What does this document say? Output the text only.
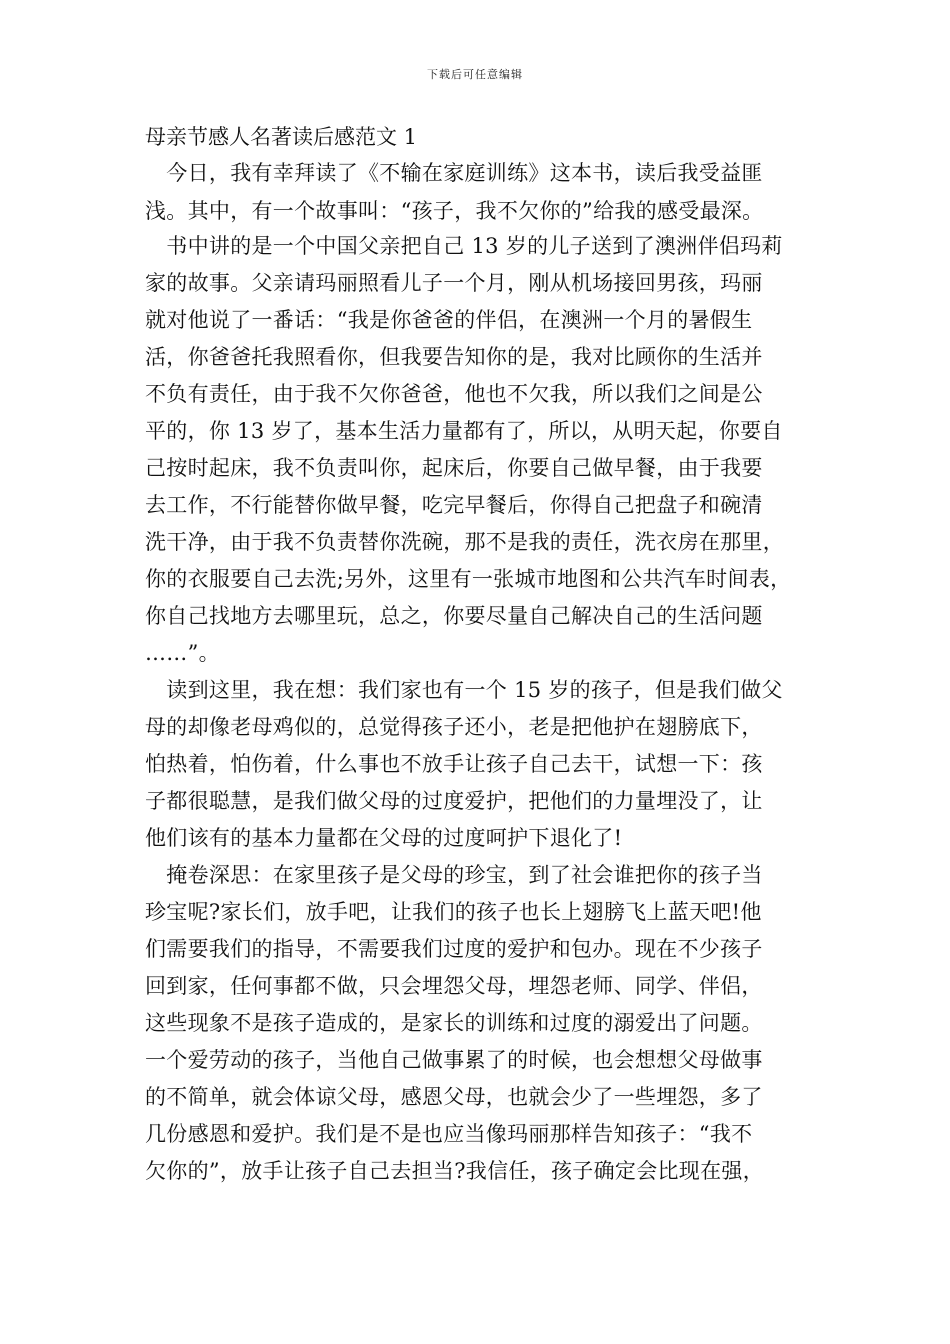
下载后可任意编辑
母亲节感人名著读后感范文 1
　今日，我有幸拜读了《不输在家庭训练》这本书，读后我受益匪
浅。其中，有一个故事叫：“孩子，我不欠你的”给我的感受最深。
　书中讲的是一个中国父亲把自己 13 岁的儿子送到了澳洲伴侣玛莉
家的故事。父亲请玛丽照看儿子一个月，刚从机场接回男孩，玛丽
就对他说了一番话：“我是你爸爸的伴侣，在澳洲一个月的暑假生
活，你爸爸托我照看你，但我要告知你的是，我对比顾你的生活并
不负有责任，由于我不欠你爸爸，他也不欠我，所以我们之间是公
平的，你 13 岁了，基本生活力量都有了，所以，从明天起，你要自
己按时起床，我不负责叫你，起床后，你要自己做早餐，由于我要
去工作，不行能替你做早餐，吃完早餐后，你得自己把盘子和碗清
洗干净，由于我不负责替你洗碗，那不是我的责任，洗衣房在那里，
你的衣服要自己去洗;另外，这里有一张城市地图和公共汽车时间表，
你自己找地方去哪里玩，总之，你要尽量自己解决自己的生活问题
……”。
　读到这里，我在想：我们家也有一个 15 岁的孩子，但是我们做父
母的却像老母鸡似的，总觉得孩子还小，老是把他护在翅膀底下，
怕热着，怕伤着，什么事也不放手让孩子自己去干，试想一下：孩
子都很聪慧，是我们做父母的过度爱护，把他们的力量埋没了，让
他们该有的基本力量都在父母的过度呵护下退化了!
　掩卷深思：在家里孩子是父母的珍宝，到了社会谁把你的孩子当
珍宝呢?家长们，放手吧，让我们的孩子也长上翅膀飞上蓝天吧!他
们需要我们的指导，不需要我们过度的爱护和包办。现在不少孩子
回到家，任何事都不做，只会埋怨父母，埋怨老师、同学、伴侣，
这些现象不是孩子造成的，是家长的训练和过度的溺爱出了问题。
一个爱劳动的孩子，当他自己做事累了的时候，也会想想父母做事
的不简单，就会体谅父母，感恩父母，也就会少了一些埋怨，多了
几份感恩和爱护。我们是不是也应当像玛丽那样告知孩子：“我不
欠你的”，放手让孩子自己去担当?我信任，孩子确定会比现在强，
